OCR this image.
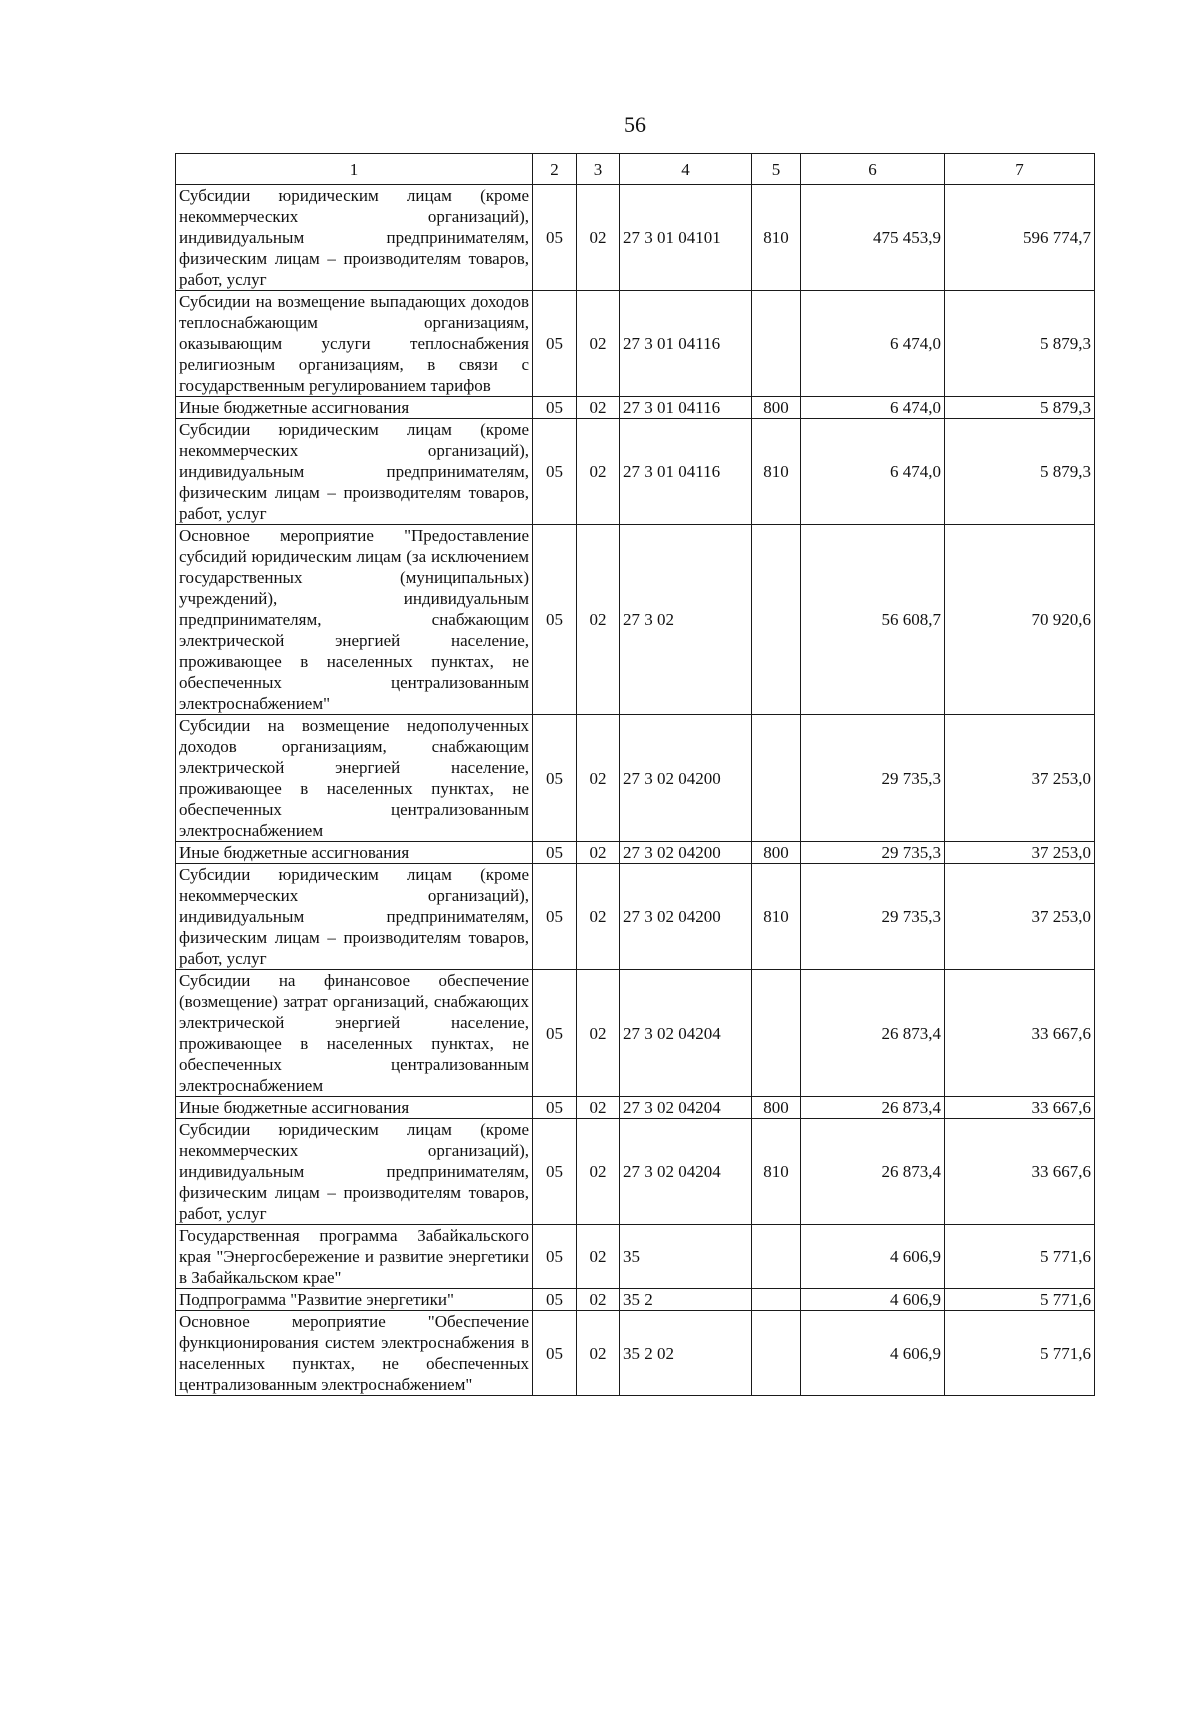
56
1	2	3	4	5	6	7
Субсидии юридическим лицам (кроме некоммерческих организаций), индивидуальным предпринимателям, физическим лицам – производителям товаров, работ, услуг	05	02	27 3 01 04101	810	475 453,9	596 774,7
Субсидии на возмещение выпадающих доходов теплоснабжающим организациям, оказывающим услуги теплоснабжения религиозным организациям, в связи с государственным регулированием тарифов	05	02	27 3 01 04116		6 474,0	5 879,3
Иные бюджетные ассигнования	05	02	27 3 01 04116	800	6 474,0	5 879,3
Субсидии юридическим лицам (кроме некоммерческих организаций), индивидуальным предпринимателям, физическим лицам – производителям товаров, работ, услуг	05	02	27 3 01 04116	810	6 474,0	5 879,3
Основное мероприятие "Предоставление субсидий юридическим лицам (за исключением государственных (муниципальных) учреждений), индивидуальным предпринимателям, снабжающим электрической энергией население, проживающее в населенных пунктах, не обеспеченных централизованным электроснабжением"	05	02	27 3 02		56 608,7	70 920,6
Субсидии на возмещение недополученных доходов организациям, снабжающим электрической энергией население, проживающее в населенных пунктах, не обеспеченных централизованным электроснабжением	05	02	27 3 02 04200		29 735,3	37 253,0
Иные бюджетные ассигнования	05	02	27 3 02 04200	800	29 735,3	37 253,0
Субсидии юридическим лицам (кроме некоммерческих организаций), индивидуальным предпринимателям, физическим лицам – производителям товаров, работ, услуг	05	02	27 3 02 04200	810	29 735,3	37 253,0
Субсидии на финансовое обеспечение (возмещение) затрат организаций, снабжающих электрической энергией население, проживающее в населенных пунктах, не обеспеченных централизованным электроснабжением	05	02	27 3 02 04204		26 873,4	33 667,6
Иные бюджетные ассигнования	05	02	27 3 02 04204	800	26 873,4	33 667,6
Субсидии юридическим лицам (кроме некоммерческих организаций), индивидуальным предпринимателям, физическим лицам – производителям товаров, работ, услуг	05	02	27 3 02 04204	810	26 873,4	33 667,6
Государственная программа Забайкальского края "Энергосбережение и развитие энергетики в Забайкальском крае"	05	02	35		4 606,9	5 771,6
Подпрограмма "Развитие энергетики"	05	02	35 2		4 606,9	5 771,6
Основное мероприятие "Обеспечение функционирования систем электроснабжения в населенных пунктах, не обеспеченных централизованным электроснабжением"	05	02	35 2 02		4 606,9	5 771,6
